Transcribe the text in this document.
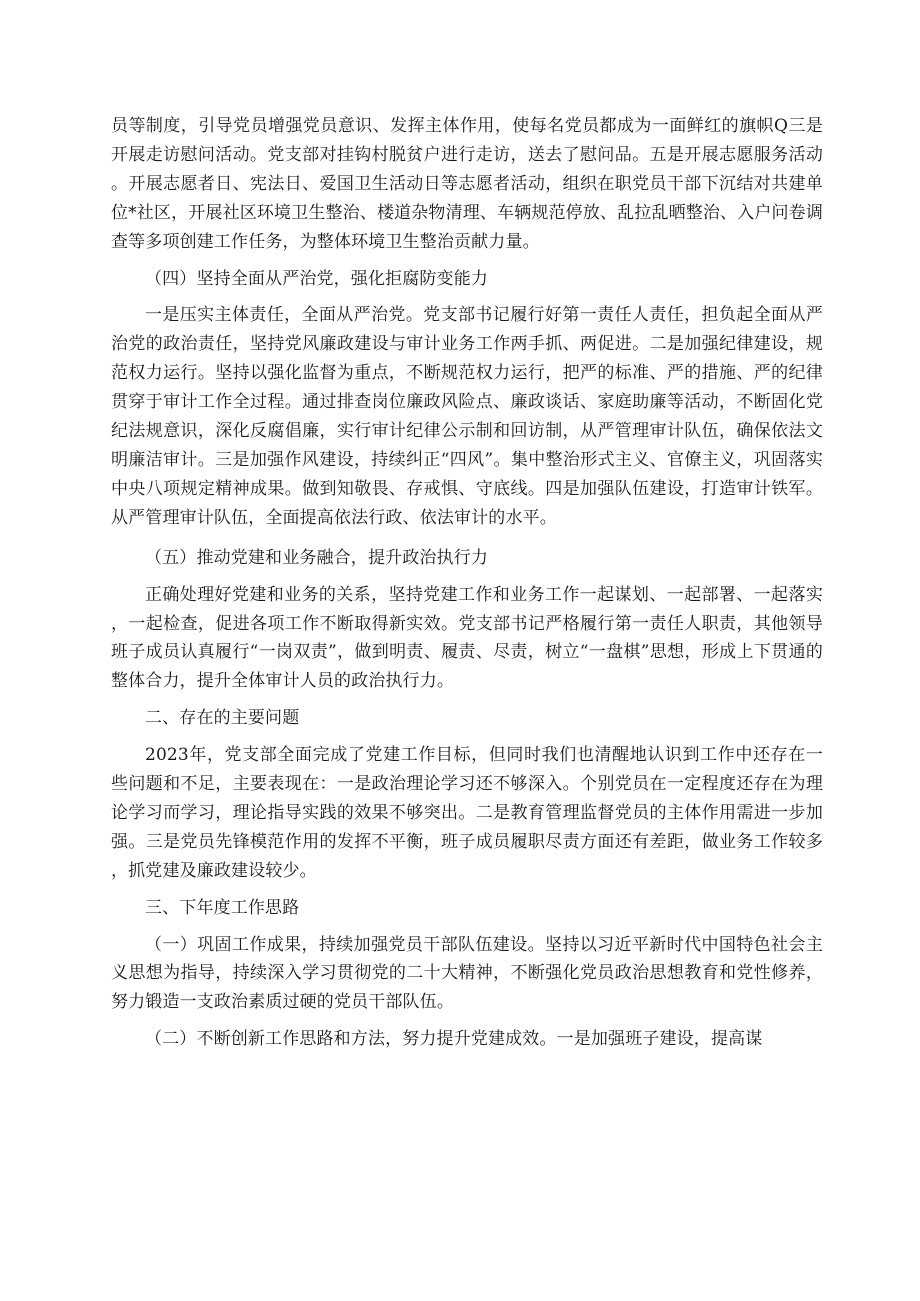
员等制度，引导党员增强党员意识、发挥主体作用，使每名党员都成为一面鲜红的旗帜Q三是开展走访慰问活动。党支部对挂钩村脱贫户进行走访，送去了慰问品。五是开展志愿服务活动。开展志愿者日、宪法日、爱国卫生活动日等志愿者活动，组织在职党员干部下沉结对共建单位*社区，开展社区环境卫生整治、楼道杂物清理、车辆规范停放、乱拉乱晒整治、入户问卷调查等多项创建工作任务，为整体环境卫生整治贡献力量。

（四）坚持全面从严治党，强化拒腐防变能力

一是压实主体责任，全面从严治党。党支部书记履行好第一责任人责任，担负起全面从严治党的政治责任，坚持党风廉政建设与审计业务工作两手抓、两促进。二是加强纪律建设，规范权力运行。坚持以强化监督为重点，不断规范权力运行，把严的标准、严的措施、严的纪律贯穿于审计工作全过程。通过排查岗位廉政风险点、廉政谈话、家庭助廉等活动，不断固化党纪法规意识，深化反腐倡廉，实行审计纪律公示制和回访制，从严管理审计队伍，确保依法文明廉洁审计。三是加强作风建设，持续纠正“四风”。集中整治形式主义、官僚主义，巩固落实中央八项规定精神成果。做到知敬畏、存戒惧、守底线。四是加强队伍建设，打造审计铁军。从严管理审计队伍，全面提高依法行政、依法审计的水平。

（五）推动党建和业务融合，提升政治执行力

正确处理好党建和业务的关系，坚持党建工作和业务工作一起谋划、一起部署、一起落实，一起检查，促进各项工作不断取得新实效。党支部书记严格履行第一责任人职责，其他领导班子成员认真履行“一岗双责”，做到明责、履责、尽责，树立“一盘棋”思想，形成上下贯通的整体合力，提升全体审计人员的政治执行力。

二、存在的主要问题

2023年，党支部全面完成了党建工作目标，但同时我们也清醒地认识到工作中还存在一些问题和不足，主要表现在：一是政治理论学习还不够深入。个别党员在一定程度还存在为理论学习而学习，理论指导实践的效果不够突出。二是教育管理监督党员的主体作用需进一步加强。三是党员先锋模范作用的发挥不平衡，班子成员履职尽责方面还有差距，做业务工作较多，抓党建及廉政建设较少。

三、下年度工作思路

（一）巩固工作成果，持续加强党员干部队伍建设。坚持以习近平新时代中国特色社会主义思想为指导，持续深入学习贯彻党的二十大精神，不断强化党员政治思想教育和党性修养，努力锻造一支政治素质过硬的党员干部队伍。

（二）不断创新工作思路和方法，努力提升党建成效。一是加强班子建设，提高谋
